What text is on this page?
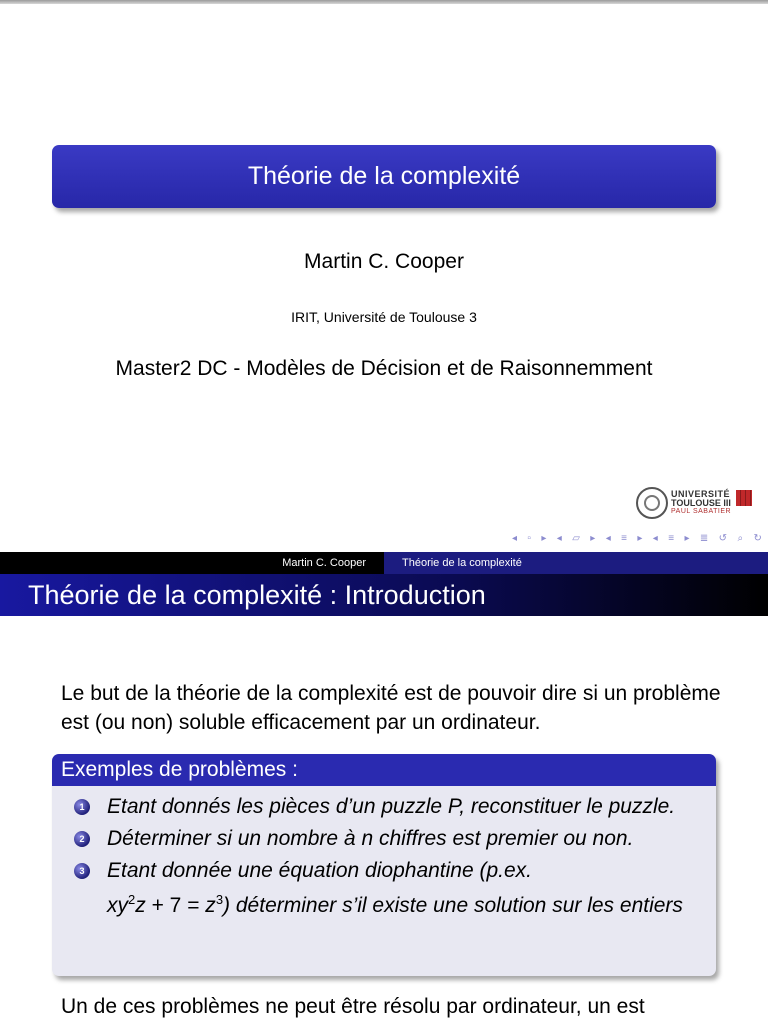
Théorie de la complexité
Martin C. Cooper
IRIT, Université de Toulouse 3
Master2 DC - Modèles de Décision et de Raisonnemment
UNIVERSITÉ
TOULOUSE III
PAUL SABATIER
◂ ▫ ▸ ◂ ▱ ▸ ◂ ≡ ▸ ◂ ≡ ▸ ≣ ↺ ⌕ ↻
Martin C. Cooper	Théorie de la complexité
Théorie de la complexité : Introduction
Le but de la théorie de la complexité est de pouvoir dire si un problème est (ou non) soluble efficacement par un ordinateur.
Exemples de problèmes :
1 Etant donnés les pièces d’un puzzle P, reconstituer le puzzle.
2 Déterminer si un nombre à n chiffres est premier ou non.
3 Etant donnée une équation diophantine (p.ex.
$xy^2z + 7 = z^3$) déterminer s’il existe une solution sur les entiers
Un de ces problèmes ne peut être résolu par ordinateur, un est
